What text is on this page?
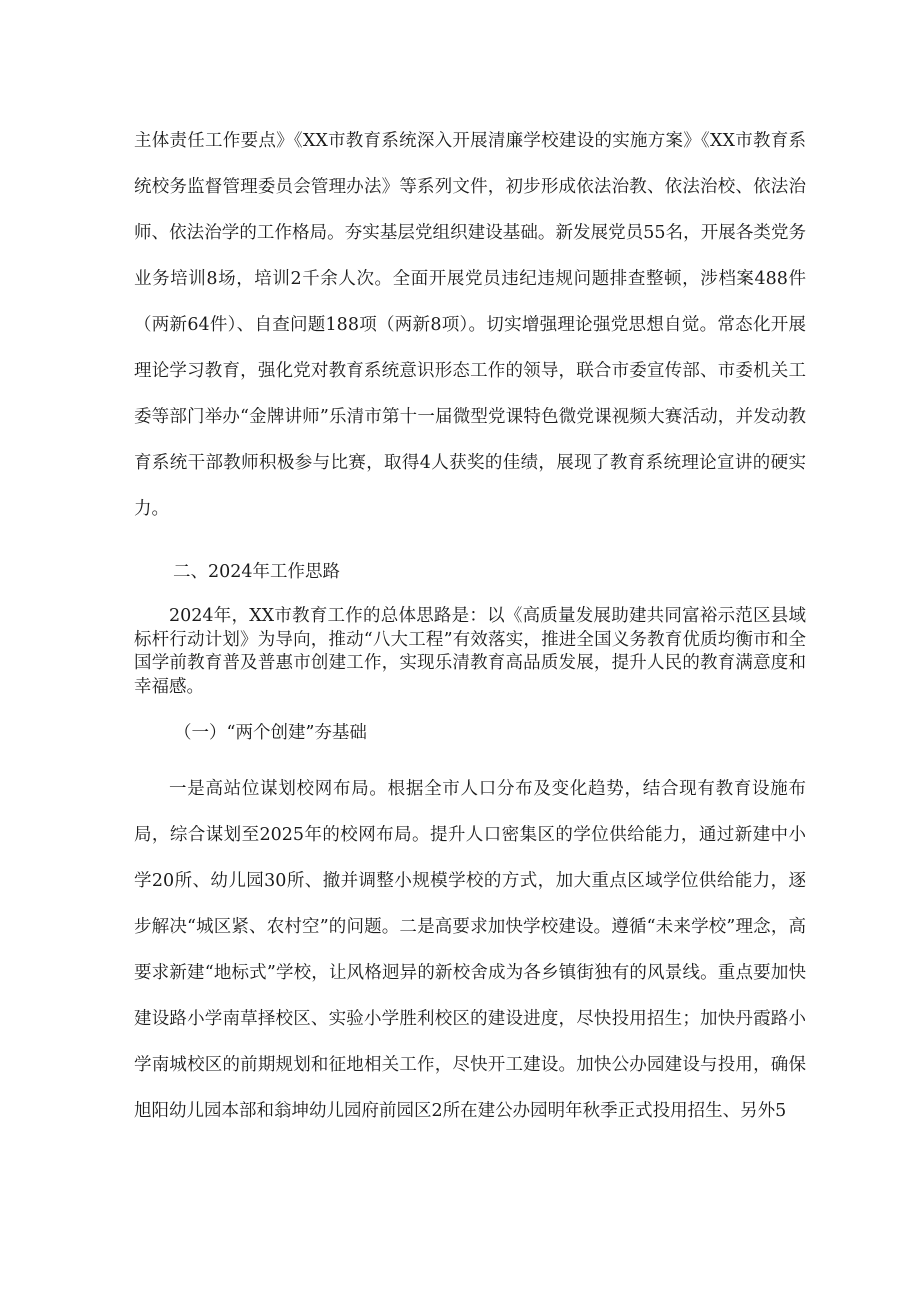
主体责任工作要点》《XX市教育系统深入开展清廉学校建设的实施方案》《XX市教育系统校务监督管理委员会管理办法》等系列文件，初步形成依法治教、依法治校、依法治师、依法治学的工作格局。夯实基层党组织建设基础。新发展党员55名，开展各类党务业务培训8场，培训2千余人次。全面开展党员违纪违规问题排查整顿，涉档案488件（两新64件）、自查问题188项（两新8项）。切实增强理论强党思想自觉。常态化开展理论学习教育，强化党对教育系统意识形态工作的领导，联合市委宣传部、市委机关工委等部门举办“金牌讲师”乐清市第十一届微型党课特色微党课视频大赛活动，并发动教育系统干部教师积极参与比赛，取得4人获奖的佳绩，展现了教育系统理论宣讲的硬实力。

二、2024年工作思路

2024年，XX市教育工作的总体思路是：以《高质量发展助建共同富裕示范区县域标杆行动计划》为导向，推动“八大工程”有效落实，推进全国义务教育优质均衡市和全国学前教育普及普惠市创建工作，实现乐清教育高品质发展，提升人民的教育满意度和幸福感。

（一）“两个创建”夯基础

一是高站位谋划校网布局。根据全市人口分布及变化趋势，结合现有教育设施布局，综合谋划至2025年的校网布局。提升人口密集区的学位供给能力，通过新建中小学20所、幼儿园30所、撤并调整小规模学校的方式，加大重点区域学位供给能力，逐步解决“城区紧、农村空”的问题。二是高要求加快学校建设。遵循“未来学校”理念，高要求新建“地标式”学校，让风格迥异的新校舍成为各乡镇街独有的风景线。重点要加快建设路小学南草择校区、实验小学胜利校区的建设进度，尽快投用招生；加快丹霞路小学南城校区的前期规划和征地相关工作，尽快开工建设。加快公办园建设与投用，确保旭阳幼儿园本部和翁坤幼儿园府前园区2所在建公办园明年秋季正式投用招生、另外5
